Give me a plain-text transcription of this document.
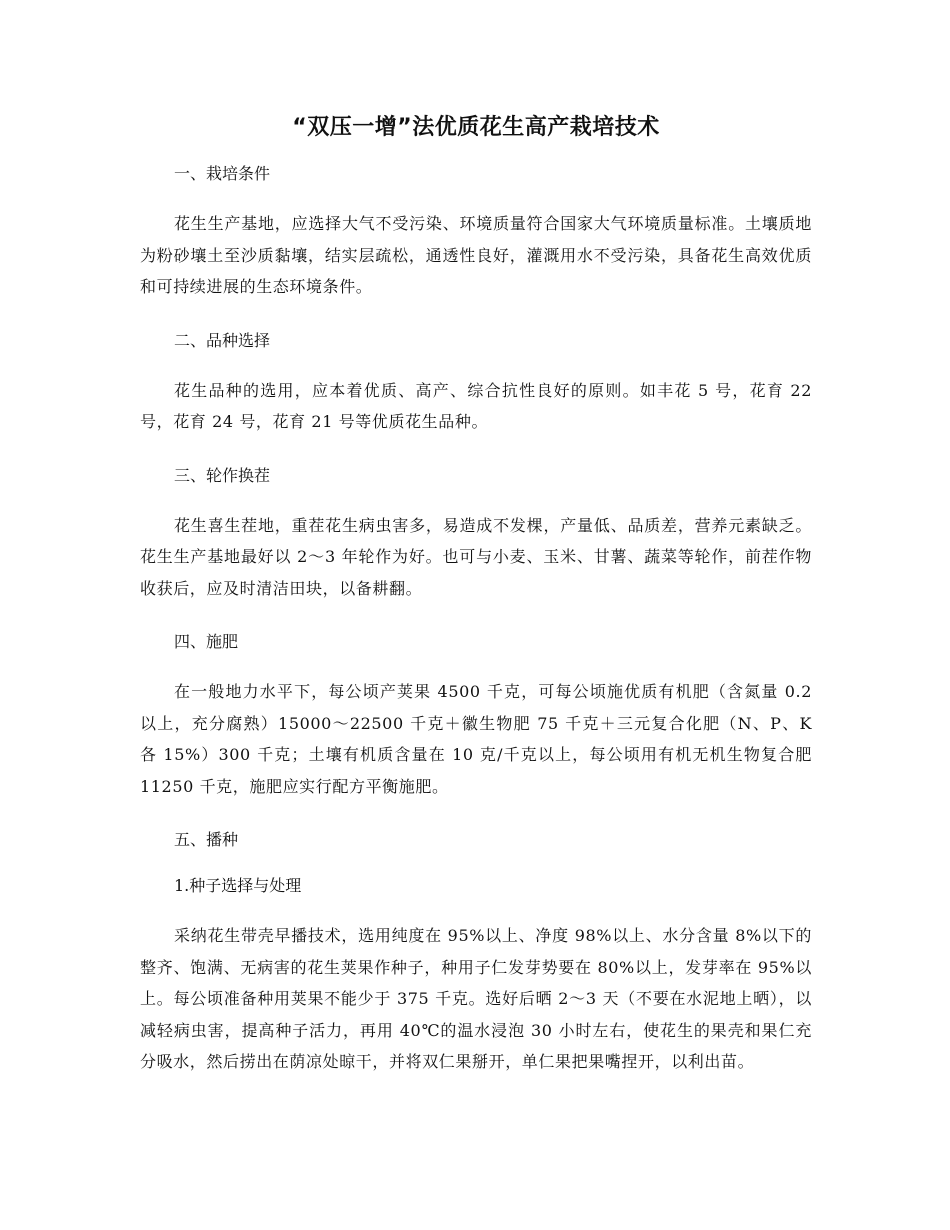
“双压一增”法优质花生高产栽培技术
一、栽培条件

花生生产基地，应选择大气不受污染、环境质量符合国家大气环境质量标准。土壤质地为粉砂壤土至沙质黏壤，结实层疏松，通透性良好，灌溉用水不受污染，具备花生高效优质和可持续进展的生态环境条件。

二、品种选择

花生品种的选用，应本着优质、高产、综合抗性良好的原则。如丰花 5 号，花育 22 号，花育 24 号，花育 21 号等优质花生品种。

三、轮作换茬

花生喜生茬地，重茬花生病虫害多，易造成不发棵，产量低、品质差，营养元素缺乏。花生生产基地最好以 2～3 年轮作为好。也可与小麦、玉米、甘薯、蔬菜等轮作，前茬作物收获后，应及时清洁田块，以备耕翻。

四、施肥

在一般地力水平下，每公顷产荚果 4500 千克，可每公顷施优质有机肥（含氮量 0.2 以上，充分腐熟）15000～22500 千克＋徽生物肥 75 千克＋三元复合化肥（N、P、K 各 15%）300 千克；土壤有机质含量在 10 克/千克以上，每公顷用有机无机生物复合肥 11250 千克，施肥应实行配方平衡施肥。

五、播种
1.种子选择与处理

采纳花生带壳早播技术，选用纯度在 95%以上、净度 98%以上、水分含量 8%以下的整齐、饱满、无病害的花生荚果作种子，种用子仁发芽势要在 80%以上，发芽率在 95%以上。每公顷准备种用荚果不能少于 375 千克。选好后晒 2～3 天（不要在水泥地上晒），以减轻病虫害，提高种子活力，再用 40℃的温水浸泡 30 小时左右，使花生的果壳和果仁充分吸水，然后捞出在荫凉处晾干，并将双仁果掰开，单仁果把果嘴捏开，以利出苗。
